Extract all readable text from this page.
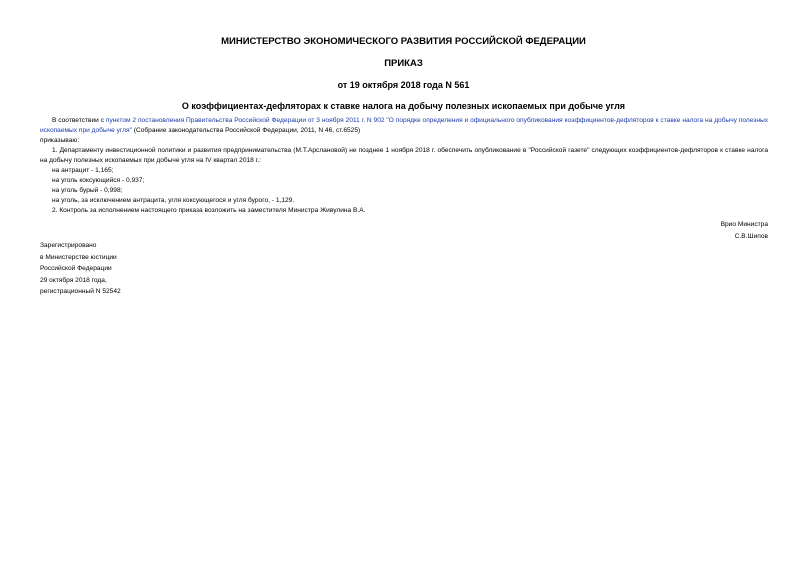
МИНИСТЕРСТВО ЭКОНОМИЧЕСКОГО РАЗВИТИЯ РОССИЙСКОЙ ФЕДЕРАЦИИ
ПРИКАЗ
от 19 октября 2018 года N 561
О коэффициентах-дефляторах к ставке налога на добычу полезных ископаемых при добыче угля

В соответствии с пунктом 2 постановления Правительства Российской Федерации от 3 ноября 2011 г. N 902 "О порядке определения и официального опубликования коэффициентов-дефляторов к ставке налога на добычу полезных ископаемых при добыче угля" (Собрание законодательства Российской Федерации, 2011, N 46, ст.6525)

приказываю:

1. Департаменту инвестиционной политики и развития предпринимательства (М.Т.Арслановой) не позднее 1 ноября 2018 г. обеспечить опубликование в "Российской газете" следующих коэффициентов-дефляторов к ставке налога на добычу полезных ископаемых при добыче угля на IV квартал 2018 г.:

на антрацит - 1,165;

на уголь коксующийся - 0,937;

на уголь бурый - 0,998;

на уголь, за исключением антрацита, угля коксующегося и угля бурого, - 1,129.

2. Контроль за исполнением настоящего приказа возложить на заместителя Министра Живулина В.А.

Врио Министра
С.В.Шипов
Зарегистрировано
в Министерстве юстиции
Российской Федерации
29 октября 2018 года,
регистрационный N 52542
